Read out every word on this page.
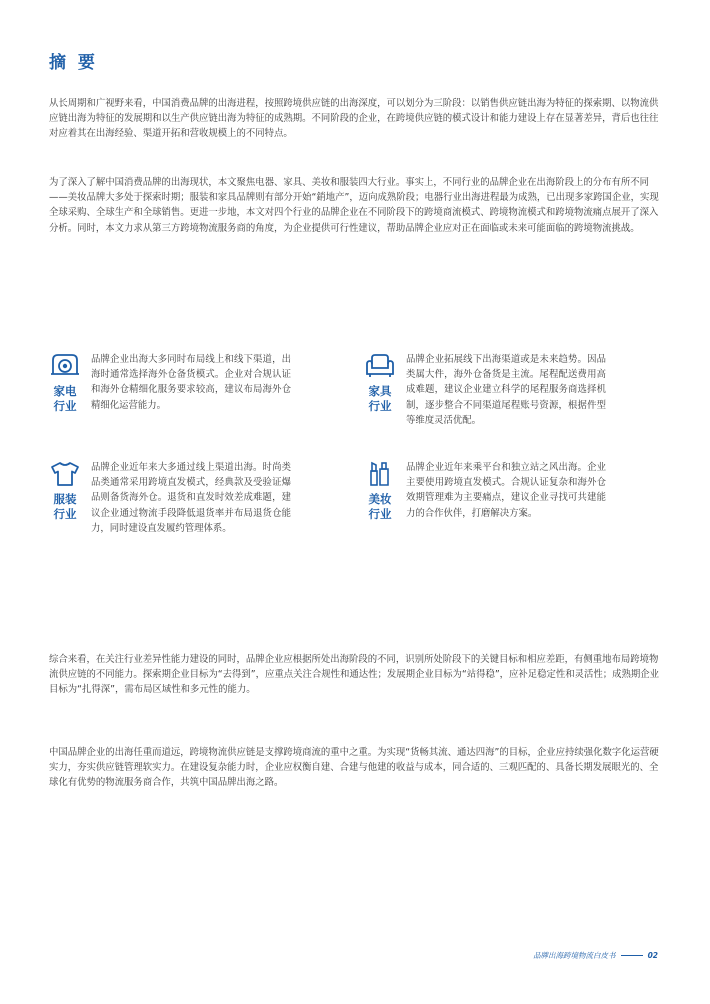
摘 要

从长周期和广视野来看，中国消费品牌的出海进程，按照跨境供应链的出海深度，可以划分为三阶段：以销售供应链出海为特征的探索期、以物流供应链出海为特征的发展期和以生产供应链出海为特征的成熟期。不同阶段的企业，在跨境供应链的模式设计和能力建设上存在显著差异，背后也往往对应着其在出海经验、渠道开拓和营收规模上的不同特点。

为了深入了解中国消费品牌的出海现状，本文聚焦电器、家具、美妆和服装四大行业。事实上，不同行业的品牌企业在出海阶段上的分布有所不同——美妆品牌大多处于探索时期；服装和家具品牌则有部分开始“銷地产”，迈向成熟阶段；电器行业出海进程最为成熟，已出现多家跨国企业，实现全球采购、全球生产和全球销售。更进一步地，本文对四个行业的品牌企业在不同阶段下的跨境商流模式、跨境物流模式和跨境物流痛点展开了深入分析。同时，本文力求从第三方跨境物流服务商的角度，为企业提供可行性建议，帮助品牌企业应对正在面临或未来可能面临的跨境物流挑战。

家电
行业

品牌企业出海大多同时布局线上和线下渠道，出海时通常选择海外仓备货模式。企业对合规认证和海外仓精细化服务要求较高，建议布局海外仓精细化运营能力。

家具
行业

品牌企业拓展线下出海渠道或是未来趋势。因品类属大件，海外仓备货是主流。尾程配送费用高成难题，建议企业建立科学的尾程服务商选择机制，逐步整合不同渠道尾程账号资源，根据件型等维度灵活优配。

服装
行业

品牌企业近年来大多通过线上渠道出海。时尚类品类通常采用跨境直发模式，经典款及受验证爆品则备货海外仓。退货和直发时效差成难题，建议企业通过物流手段降低退货率并布局退货仓能力，同时建设直发履约管理体系。

美妆
行业

品牌企业近年来乘平台和独立站之风出海。企业主要使用跨境直发模式。合规认证复杂和海外仓效期管理难为主要痛点，建议企业寻找可共建能力的合作伙伴，打磨解决方案。

综合来看，在关注行业差异性能力建设的同时，品牌企业应根据所处出海阶段的不同，识别所处阶段下的关键目标和相应差距，有侧重地布局跨境物流供应链的不同能力。探索期企业目标为“去得到”，应重点关注合规性和通达性；发展期企业目标为“站得稳”，应补足稳定性和灵活性；成熟期企业目标为“扎得深”，需布局区域性和多元性的能力。

中国品牌企业的出海任重而道远，跨境物流供应链是支撑跨境商流的重中之重。为实现“货畅其流、通达四海”的目标，企业应持续强化数字化运营硬实力，夯实供应链管理软实力。在建设复杂能力时，企业应权衡自建、合建与他建的收益与成本，同合适的、三观匹配的、具备长期发展眼光的、全球化有优势的物流服务商合作，共筑中国品牌出海之路。

品牌出海跨境物流白皮书	02
